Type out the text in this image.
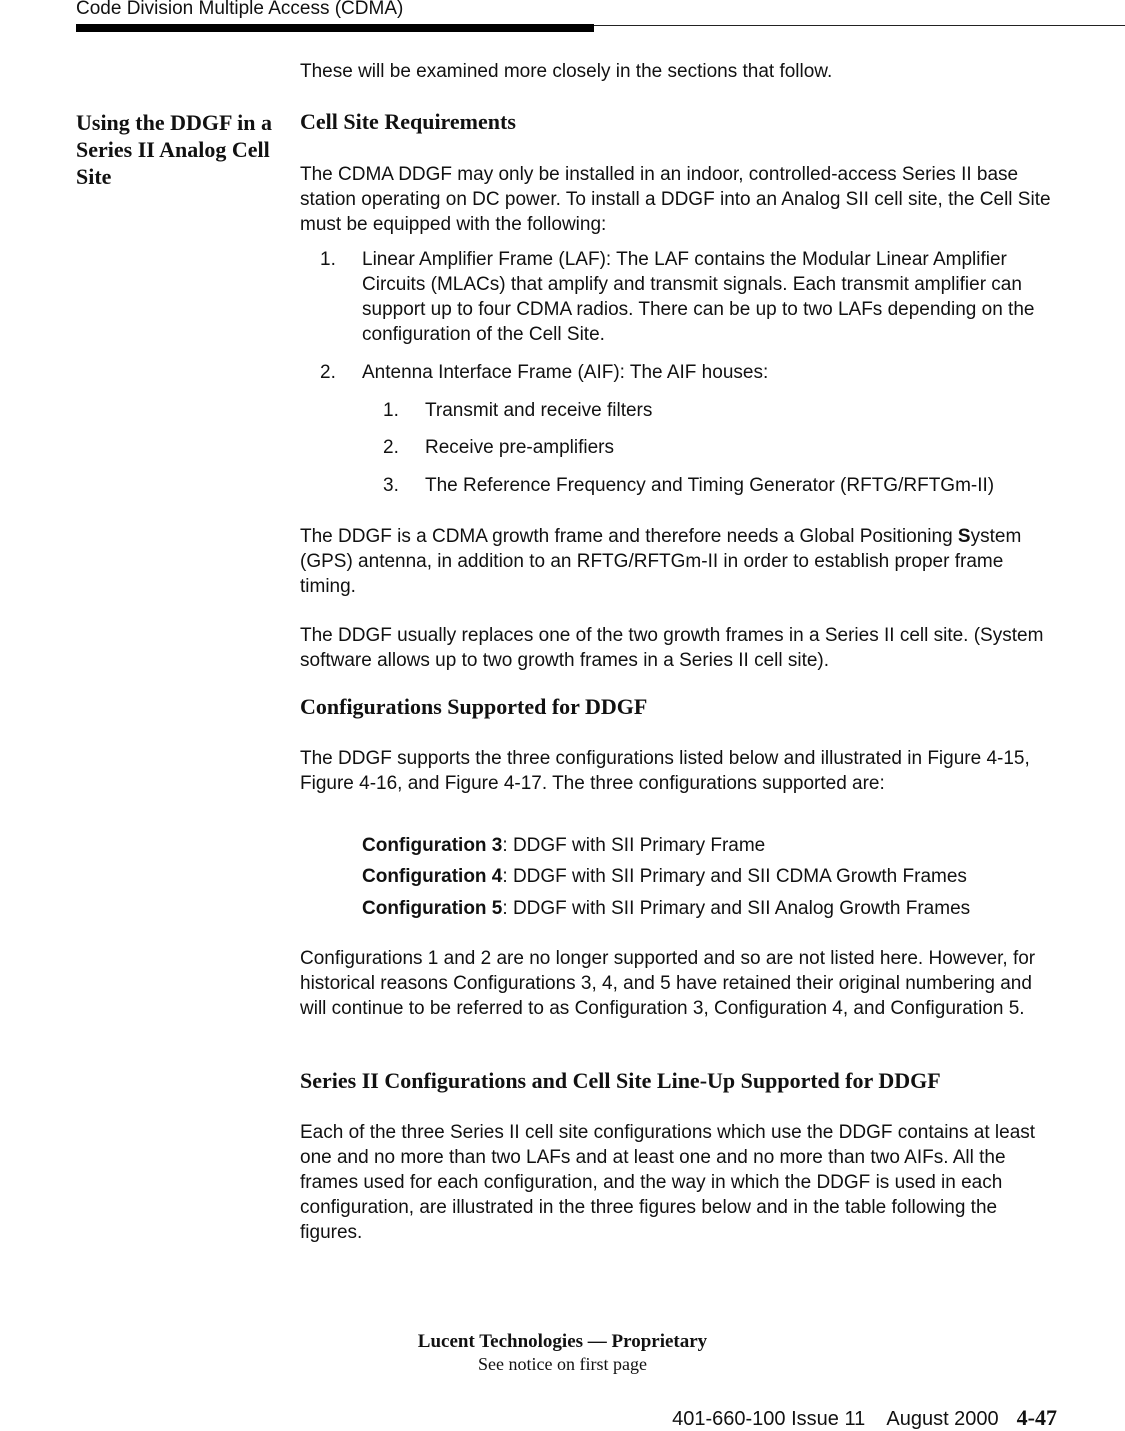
Code Division Multiple Access (CDMA)
Using the DDGF in a Series II Analog Cell Site

These will be examined more closely in the sections that follow.

Cell Site Requirements

The CDMA DDGF may only be installed in an indoor, controlled-access Series II base station operating on DC power. To install a DDGF into an Analog SII cell site, the Cell Site must be equipped with the following:

1. Linear Amplifier Frame (LAF): The LAF contains the Modular Linear Amplifier Circuits (MLACs) that amplify and transmit signals. Each transmit amplifier can support up to four CDMA radios. There can be up to two LAFs depending on the configuration of the Cell Site.
2. Antenna Interface Frame (AIF): The AIF houses:
1. Transmit and receive filters
2. Receive pre-amplifiers
3. The Reference Frequency and Timing Generator (RFTG/RFTGm-II)

The DDGF is a CDMA growth frame and therefore needs a Global Positioning System (GPS) antenna, in addition to an RFTG/RFTGm-II in order to establish proper frame timing.

The DDGF usually replaces one of the two growth frames in a Series II cell site. (System software allows up to two growth frames in a Series II cell site).

Configurations Supported for DDGF

The DDGF supports the three configurations listed below and illustrated in Figure 4-15, Figure 4-16, and Figure 4-17. The three configurations supported are:

Configuration 3: DDGF with SII Primary Frame

Configuration 4: DDGF with SII Primary and SII CDMA Growth Frames

Configuration 5: DDGF with SII Primary and SII Analog Growth Frames

Configurations 1 and 2 are no longer supported and so are not listed here. However, for historical reasons Configurations 3, 4, and 5 have retained their original numbering and will continue to be referred to as Configuration 3, Configuration 4, and Configuration 5.

Series II Configurations and Cell Site Line-Up Supported for DDGF

Each of the three Series II cell site configurations which use the DDGF contains at least one and no more than two LAFs and at least one and no more than two AIFs. All the frames used for each configuration, and the way in which the DDGF is used in each configuration, are illustrated in the three figures below and in the table following the figures.

Lucent Technologies — Proprietary
See notice on first page
401-660-100 Issue 11    August 2000 4-47
